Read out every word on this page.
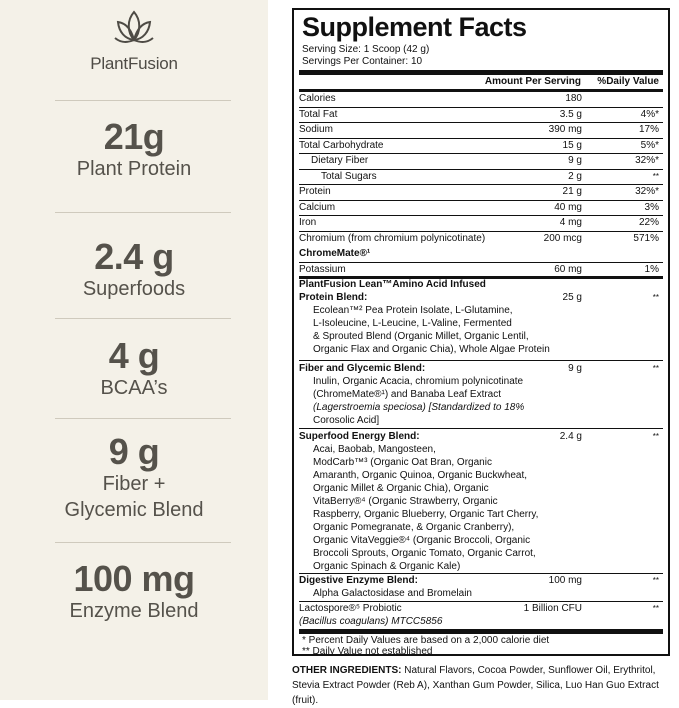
PlantFusion
21g
Plant Protein
2.4 g
Superfoods
4 g
BCAA’s
9 g
Fiber +
Glycemic Blend
100 mg
Enzyme Blend
Supplement Facts
Serving Size: 1 Scoop (42 g)
Servings Per Container: 10
Amount Per Serving %Daily Value
Calories	180
Total Fat	3.5 g	4%*
Sodium	390 mg	17%
Total Carbohydrate	15 g	5%*
Dietary Fiber	9 g	32%*
Total Sugars	2 g	**
Protein	21 g	32%*
Calcium	40 mg	3%
Iron	4 mg	22%
Chromium (from chromium polynicotinate)	200 mcg	571%
ChromeMate®¹
Potassium	60 mg	1%
PlantFusion Lean™Amino Acid Infused
Protein Blend:	25 g	**
Ecolean™² Pea Protein Isolate, L-Glutamine,
L-Isoleucine, L-Leucine, L-Valine, Fermented
& Sprouted Blend (Organic Millet, Organic Lentil,
Organic Flax and Organic Chia), Whole Algae Protein
Fiber and Glycemic Blend:	9 g	**
Inulin, Organic Acacia, chromium polynicotinate
(ChromeMate®¹) and Banaba Leaf Extract
(Lagerstroemia speciosa) [Standardized to 18%
Corosolic Acid]
Superfood Energy Blend:	2.4 g	**
Acai, Baobab, Mangosteen,
ModCarb™³ (Organic Oat Bran, Organic
Amaranth, Organic Quinoa, Organic Buckwheat,
Organic Millet & Organic Chia), Organic
VitaBerry®⁴ (Organic Strawberry, Organic
Raspberry, Organic Blueberry, Organic Tart Cherry,
Organic Pomegranate, & Organic Cranberry),
Organic VitaVeggie®⁴ (Organic Broccoli, Organic
Broccoli Sprouts, Organic Tomato, Organic Carrot,
Organic Spinach & Organic Kale)
Digestive Enzyme Blend:	100 mg	**
Alpha Galactosidase and Bromelain
Lactospore®⁵ Probiotic
(Bacillus coagulans) MTCC5856
1 Billion CFU	**
* Percent Daily Values are based on a 2,000 calorie diet
** Daily Value not established
OTHER INGREDIENTS: Natural Flavors, Cocoa Powder, Sunflower Oil, Erythritol, Stevia Extract Powder (Reb A), Xanthan Gum Powder, Silica, Luo Han Guo Extract (fruit).
